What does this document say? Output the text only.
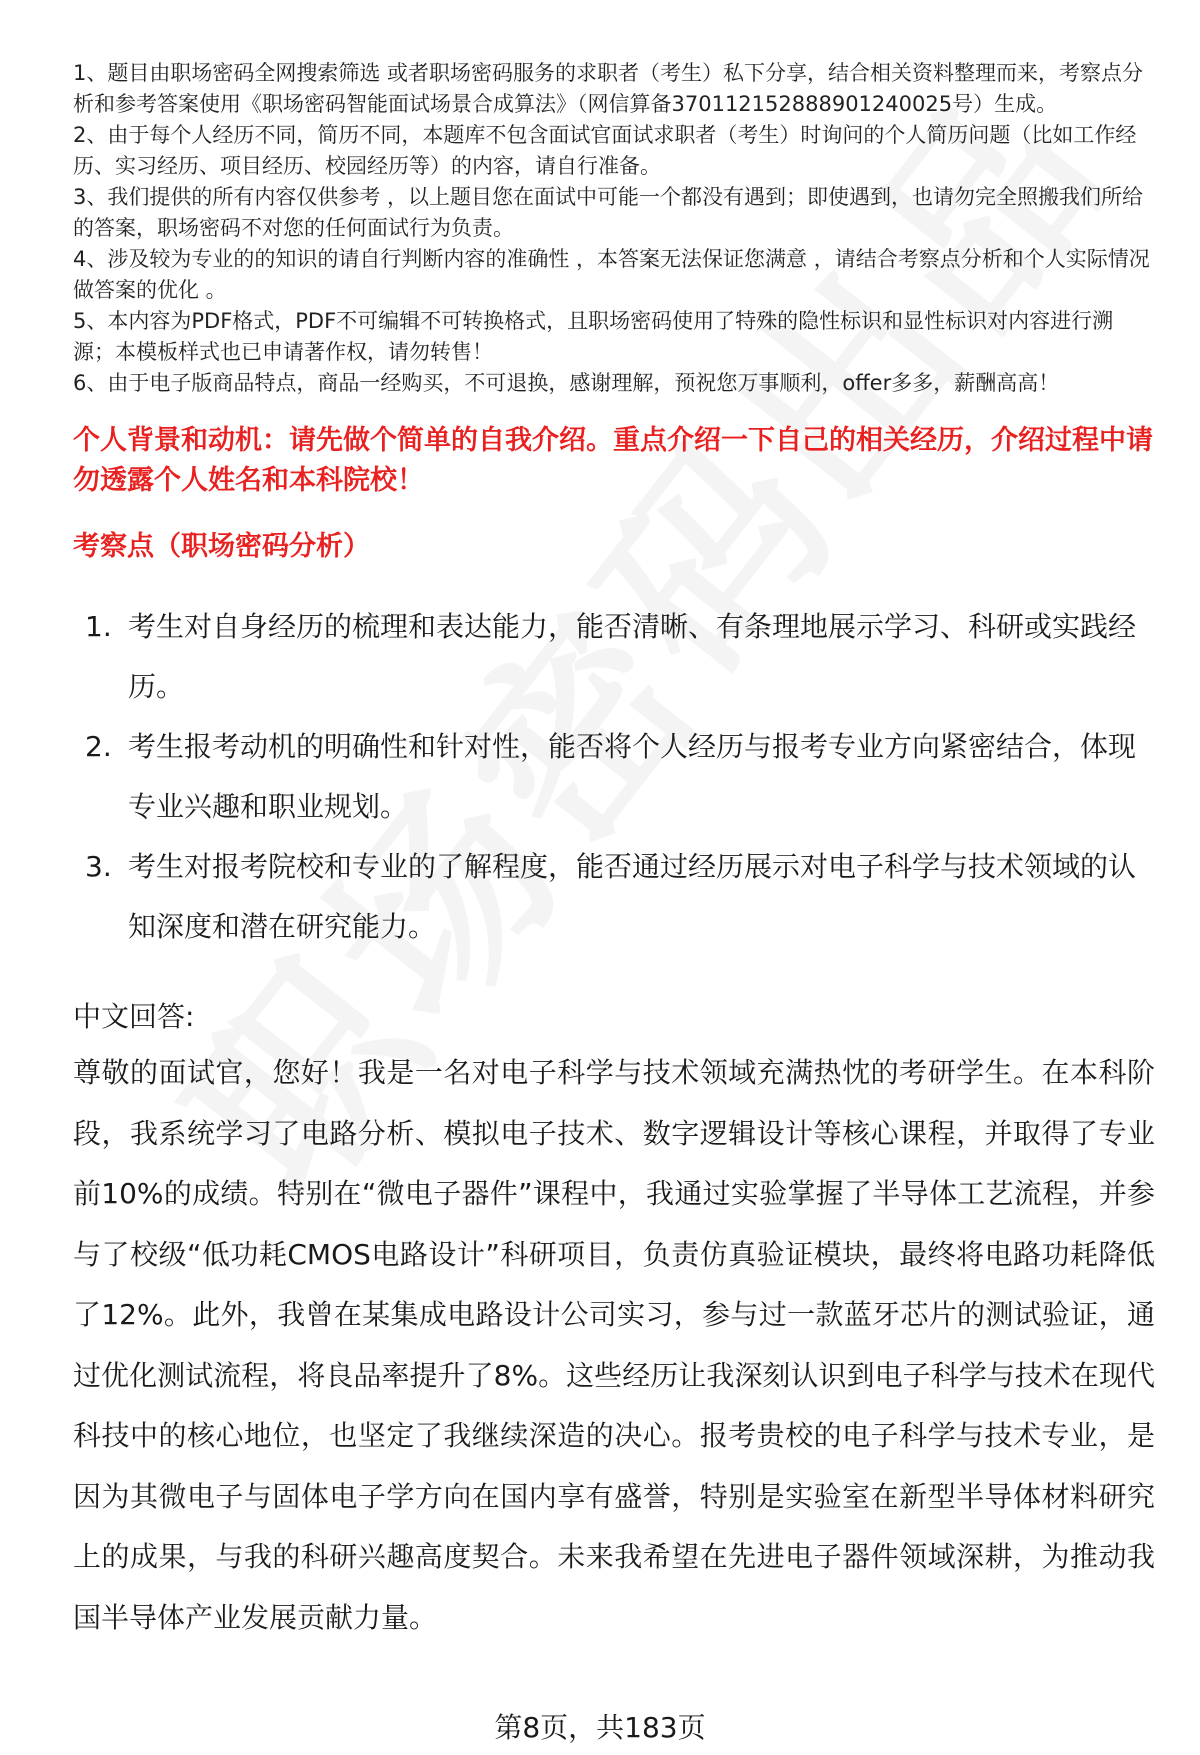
1、题目由职场密码全网搜索筛选 或者职场密码服务的求职者（考生）私下分享，结合相关资料整理而来，考察点分析和参考答案使用《职场密码智能面试场景合成算法》（网信算备370112152888901240025号）生成。

2、由于每个人经历不同，简历不同，本题库不包含面试官面试求职者（考生）时询问的个人简历问题（比如工作经历、实习经历、项目经历、校园经历等）的内容，请自行准备。

3、我们提供的所有内容仅供参考 ，以上题目您在面试中可能一个都没有遇到；即使遇到，也请勿完全照搬我们所给的答案，职场密码不对您的任何面试行为负责。

4、涉及较为专业的的知识的请自行判断内容的准确性 ，本答案无法保证您满意 ，请结合考察点分析和个人实际情况做答案的优化 。

5、本内容为PDF格式，PDF不可编辑不可转换格式，且职场密码使用了特殊的隐性标识和显性标识对内容进行溯源；本模板样式也已申请著作权，请勿转售！

6、由于电子版商品特点，商品一经购买，不可退换，感谢理解，预祝您万事顺利，offer多多，薪酬高高！

个人背景和动机：请先做个简单的自我介绍。重点介绍一下自己的相关经历，介绍过程中请勿透露个人姓名和本科院校！
考察点（职场密码分析）
1. 考生对自身经历的梳理和表达能力，能否清晰、有条理地展示学习、科研或实践经历。
2. 考生报考动机的明确性和针对性，能否将个人经历与报考专业方向紧密结合，体现专业兴趣和职业规划。
3. 考生对报考院校和专业的了解程度，能否通过经历展示对电子科学与技术领域的认知深度和潜在研究能力。
中文回答:

尊敬的面试官，您好！我是一名对电子科学与技术领域充满热忱的考研学生。在本科阶段，我系统学习了电路分析、模拟电子技术、数字逻辑设计等核心课程，并取得了专业前10%的成绩。特别在“微电子器件”课程中，我通过实验掌握了半导体工艺流程，并参与了校级“低功耗CMOS电路设计”科研项目，负责仿真验证模块，最终将电路功耗降低了12%。此外，我曾在某集成电路设计公司实习，参与过一款蓝牙芯片的测试验证，通过优化测试流程，将良品率提升了8%。这些经历让我深刻认识到电子科学与技术在现代科技中的核心地位，也坚定了我继续深造的决心。报考贵校的电子科学与技术专业，是因为其微电子与固体电子学方向在国内享有盛誉，特别是实验室在新型半导体材料研究上的成果，与我的科研兴趣高度契合。未来我希望在先进电子器件领域深耕，为推动我国半导体产业发展贡献力量。

第8页，共183页
